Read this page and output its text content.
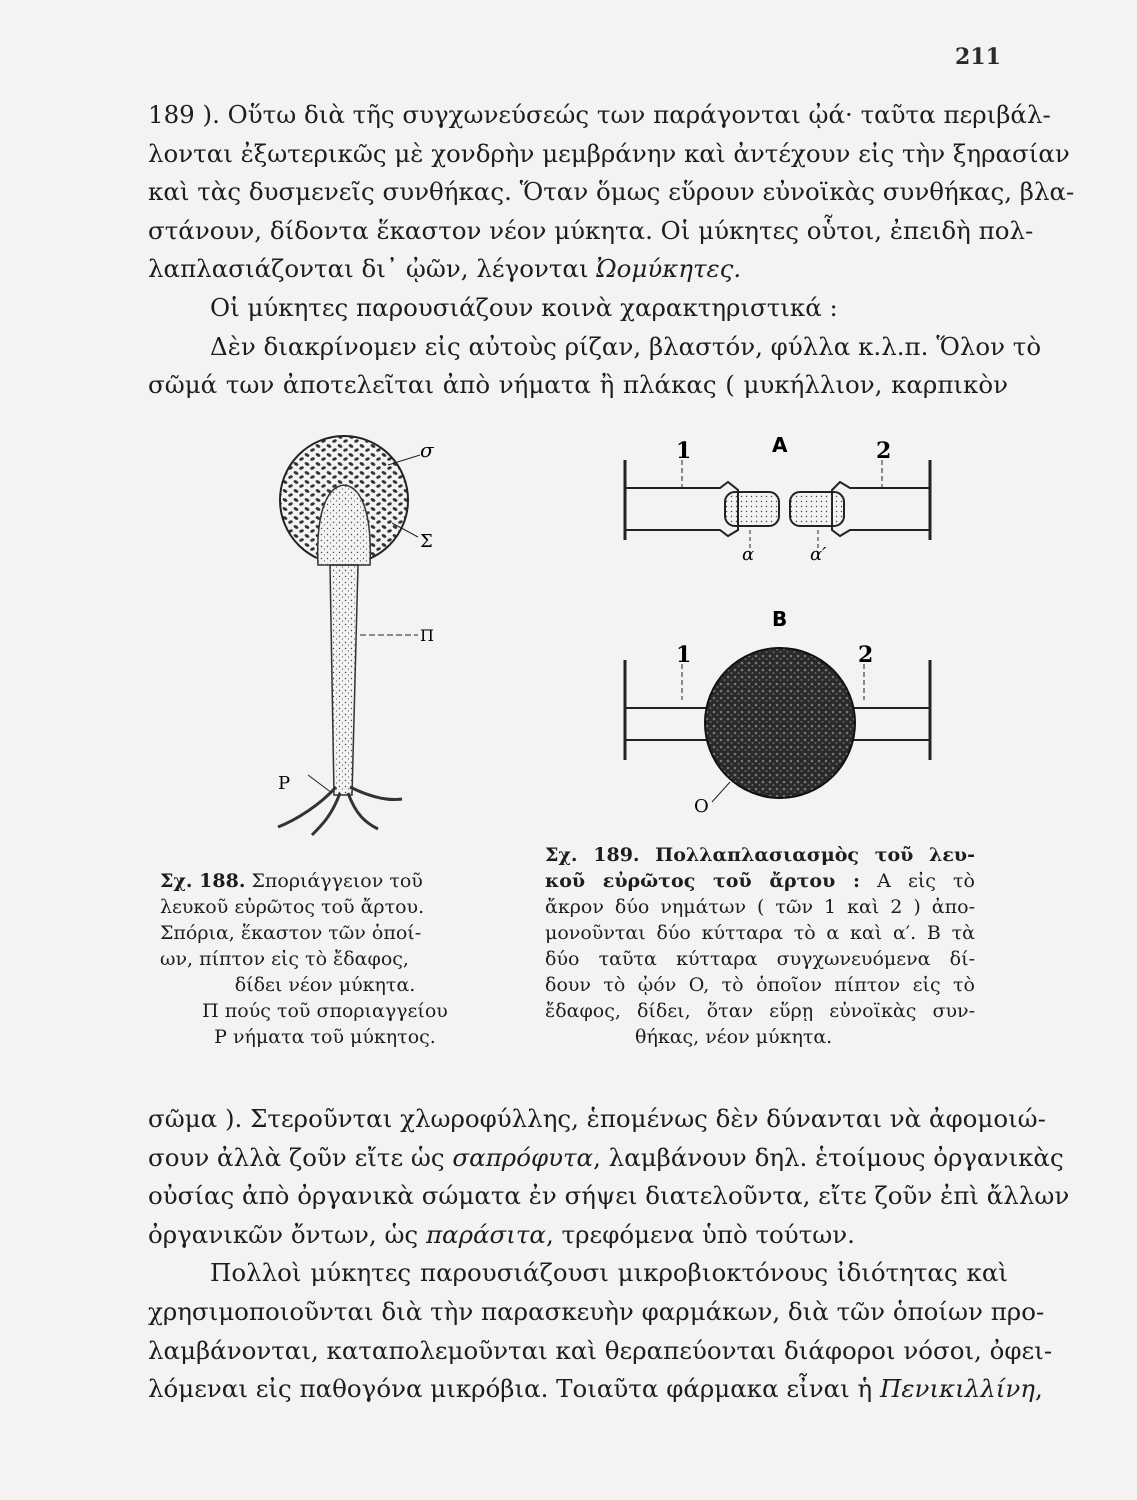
211
189 ). Οὕτω διὰ τῆς συγχωνεύσεώς των παράγονται ᾠά· ταῦτα περιβάλ-
λονται ἐξωτερικῶς μὲ χονδρὴν μεμβράνην καὶ ἀντέχουν εἰς τὴν ξηρασίαν
καὶ τὰς δυσμενεῖς συνθήκας. Ὅταν ὅμως εὕρουν εὐνοϊκὰς συνθήκας, βλα-
στάνουν, δίδοντα ἕκαστον νέον μύκητα. Οἱ μύκητες οὗτοι, ἐπειδὴ πολ-
λαπλασιάζονται δι᾽ ᾠῶν, λέγονται Ὠομύκητες.
Οἱ μύκητες παρουσιάζουν κοινὰ χαρακτηριστικά :
Δὲν διακρίνομεν εἰς αὐτοὺς ρίζαν, βλαστόν, φύλλα κ.λ.π. Ὅλον τὸ
σῶμά των ἀποτελεῖται ἀπὸ νήματα ἢ πλάκας ( μυκήλλιον, καρπικὸν
σ
Σ
Π
Ρ
Σχ. 188. Σποριάγγειον τοῦ
λευκοῦ εὐρῶτος τοῦ ἄρτου.
Σπόρια, ἕκαστον τῶν ὁποί-
ων, πίπτον εἰς τὸ ἔδαφος,
δίδει νέον μύκητα.
Π πούς τοῦ σποριαγγείου
Ρ νήματα τοῦ μύκητος.
A
1	2
α	α′
B
1	2
O
Σχ. 189. Πολλαπλασιασμὸς τοῦ λευ-
κοῦ εὐρῶτος τοῦ ἄρτου : A εἰς τὸ
ἄκρον δύο νημάτων ( τῶν 1 καὶ 2 ) ἀπο-
μονοῦνται δύο κύτταρα τὸ α καὶ α′. B τὰ
δύο ταῦτα κύτταρα συγχωνευόμενα δί-
δουν τὸ ᾠόν O, τὸ ὁποῖον πίπτον εἰς τὸ
ἔδαφος, δίδει, ὅταν εὕρῃ εὐνοϊκὰς συν-
θήκας, νέον μύκητα.
σῶμα ). Στεροῦνται χλωροφύλλης, ἑπομένως δὲν δύνανται νὰ ἀφομοιώ-
σουν ἀλλὰ ζοῦν εἴτε ὡς σαπρόφυτα, λαμβάνουν δηλ. ἑτοίμους ὀργανικὰς
οὐσίας ἀπὸ ὀργανικὰ σώματα ἐν σήψει διατελοῦντα, εἴτε ζοῦν ἐπὶ ἄλλων
ὀργανικῶν ὄντων, ὡς παράσιτα, τρεφόμενα ὑπὸ τούτων.
Πολλοὶ μύκητες παρουσιάζουσι μικροβιοκτόνους ἰδιότητας καὶ
χρησιμοποιοῦνται διὰ τὴν παρασκευὴν φαρμάκων, διὰ τῶν ὁποίων προ-
λαμβάνονται, καταπολεμοῦνται καὶ θεραπεύονται διάφοροι νόσοι, ὀφει-
λόμεναι εἰς παθογόνα μικρόβια. Τοιαῦτα φάρμακα εἶναι ἡ Πενικιλλίνη,
